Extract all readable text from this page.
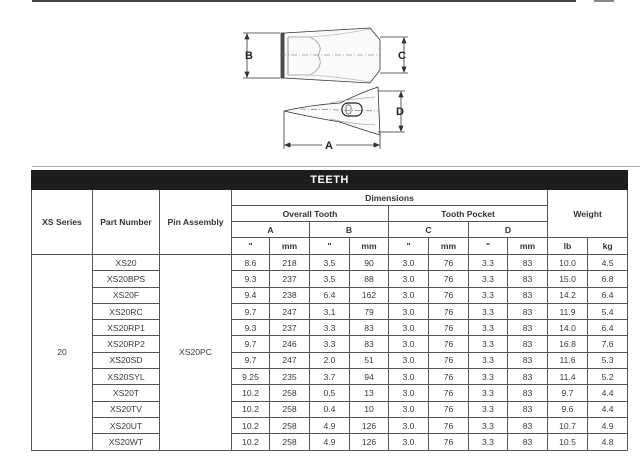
B	C
A
D
TEETH												
XS Series	Part Number	Pin Assembly	Dimensions								Weight	
			Overall Tooth				Tooth Pocket					
			A		B		C		D			
			"	mm	"	mm	"	mm	"	mm	lb	kg
20	XS20	XS20PC	8.6	218	3.5	90	3.0	76	3.3	83	10.0	4.5
	XS20BPS		9.3	237	3.5	88	3.0	76	3.3	83	15.0	6.8
	XS20F		9.4	238	6.4	162	3.0	76	3.3	83	14.2	6.4
	XS20RC		9.7	247	3.1	79	3.0	76	3.3	83	11.9	5.4
	XS20RP1		9.3	237	3.3	83	3.0	76	3.3	83	14.0	6.4
	XS20RP2		9.7	246	3.3	83	3.0	76	3.3	83	16.8	7.6
	XS20SD		9.7	247	2.0	51	3.0	76	3.3	83	11.6	5.3
	XS20SYL		9.25	235	3.7	94	3.0	76	3.3	83	11.4	5.2
	XS20T		10.2	258	0.5	13	3.0	76	3.3	83	9.7	4.4
	XS20TV		10.2	258	0.4	10	3.0	76	3.3	83	9.6	4.4
	XS20UT		10.2	258	4.9	126	3.0	76	3.3	83	10.7	4.9
	XS20WT		10.2	258	4.9	126	3.0	76	3.3	83	10.5	4.8
